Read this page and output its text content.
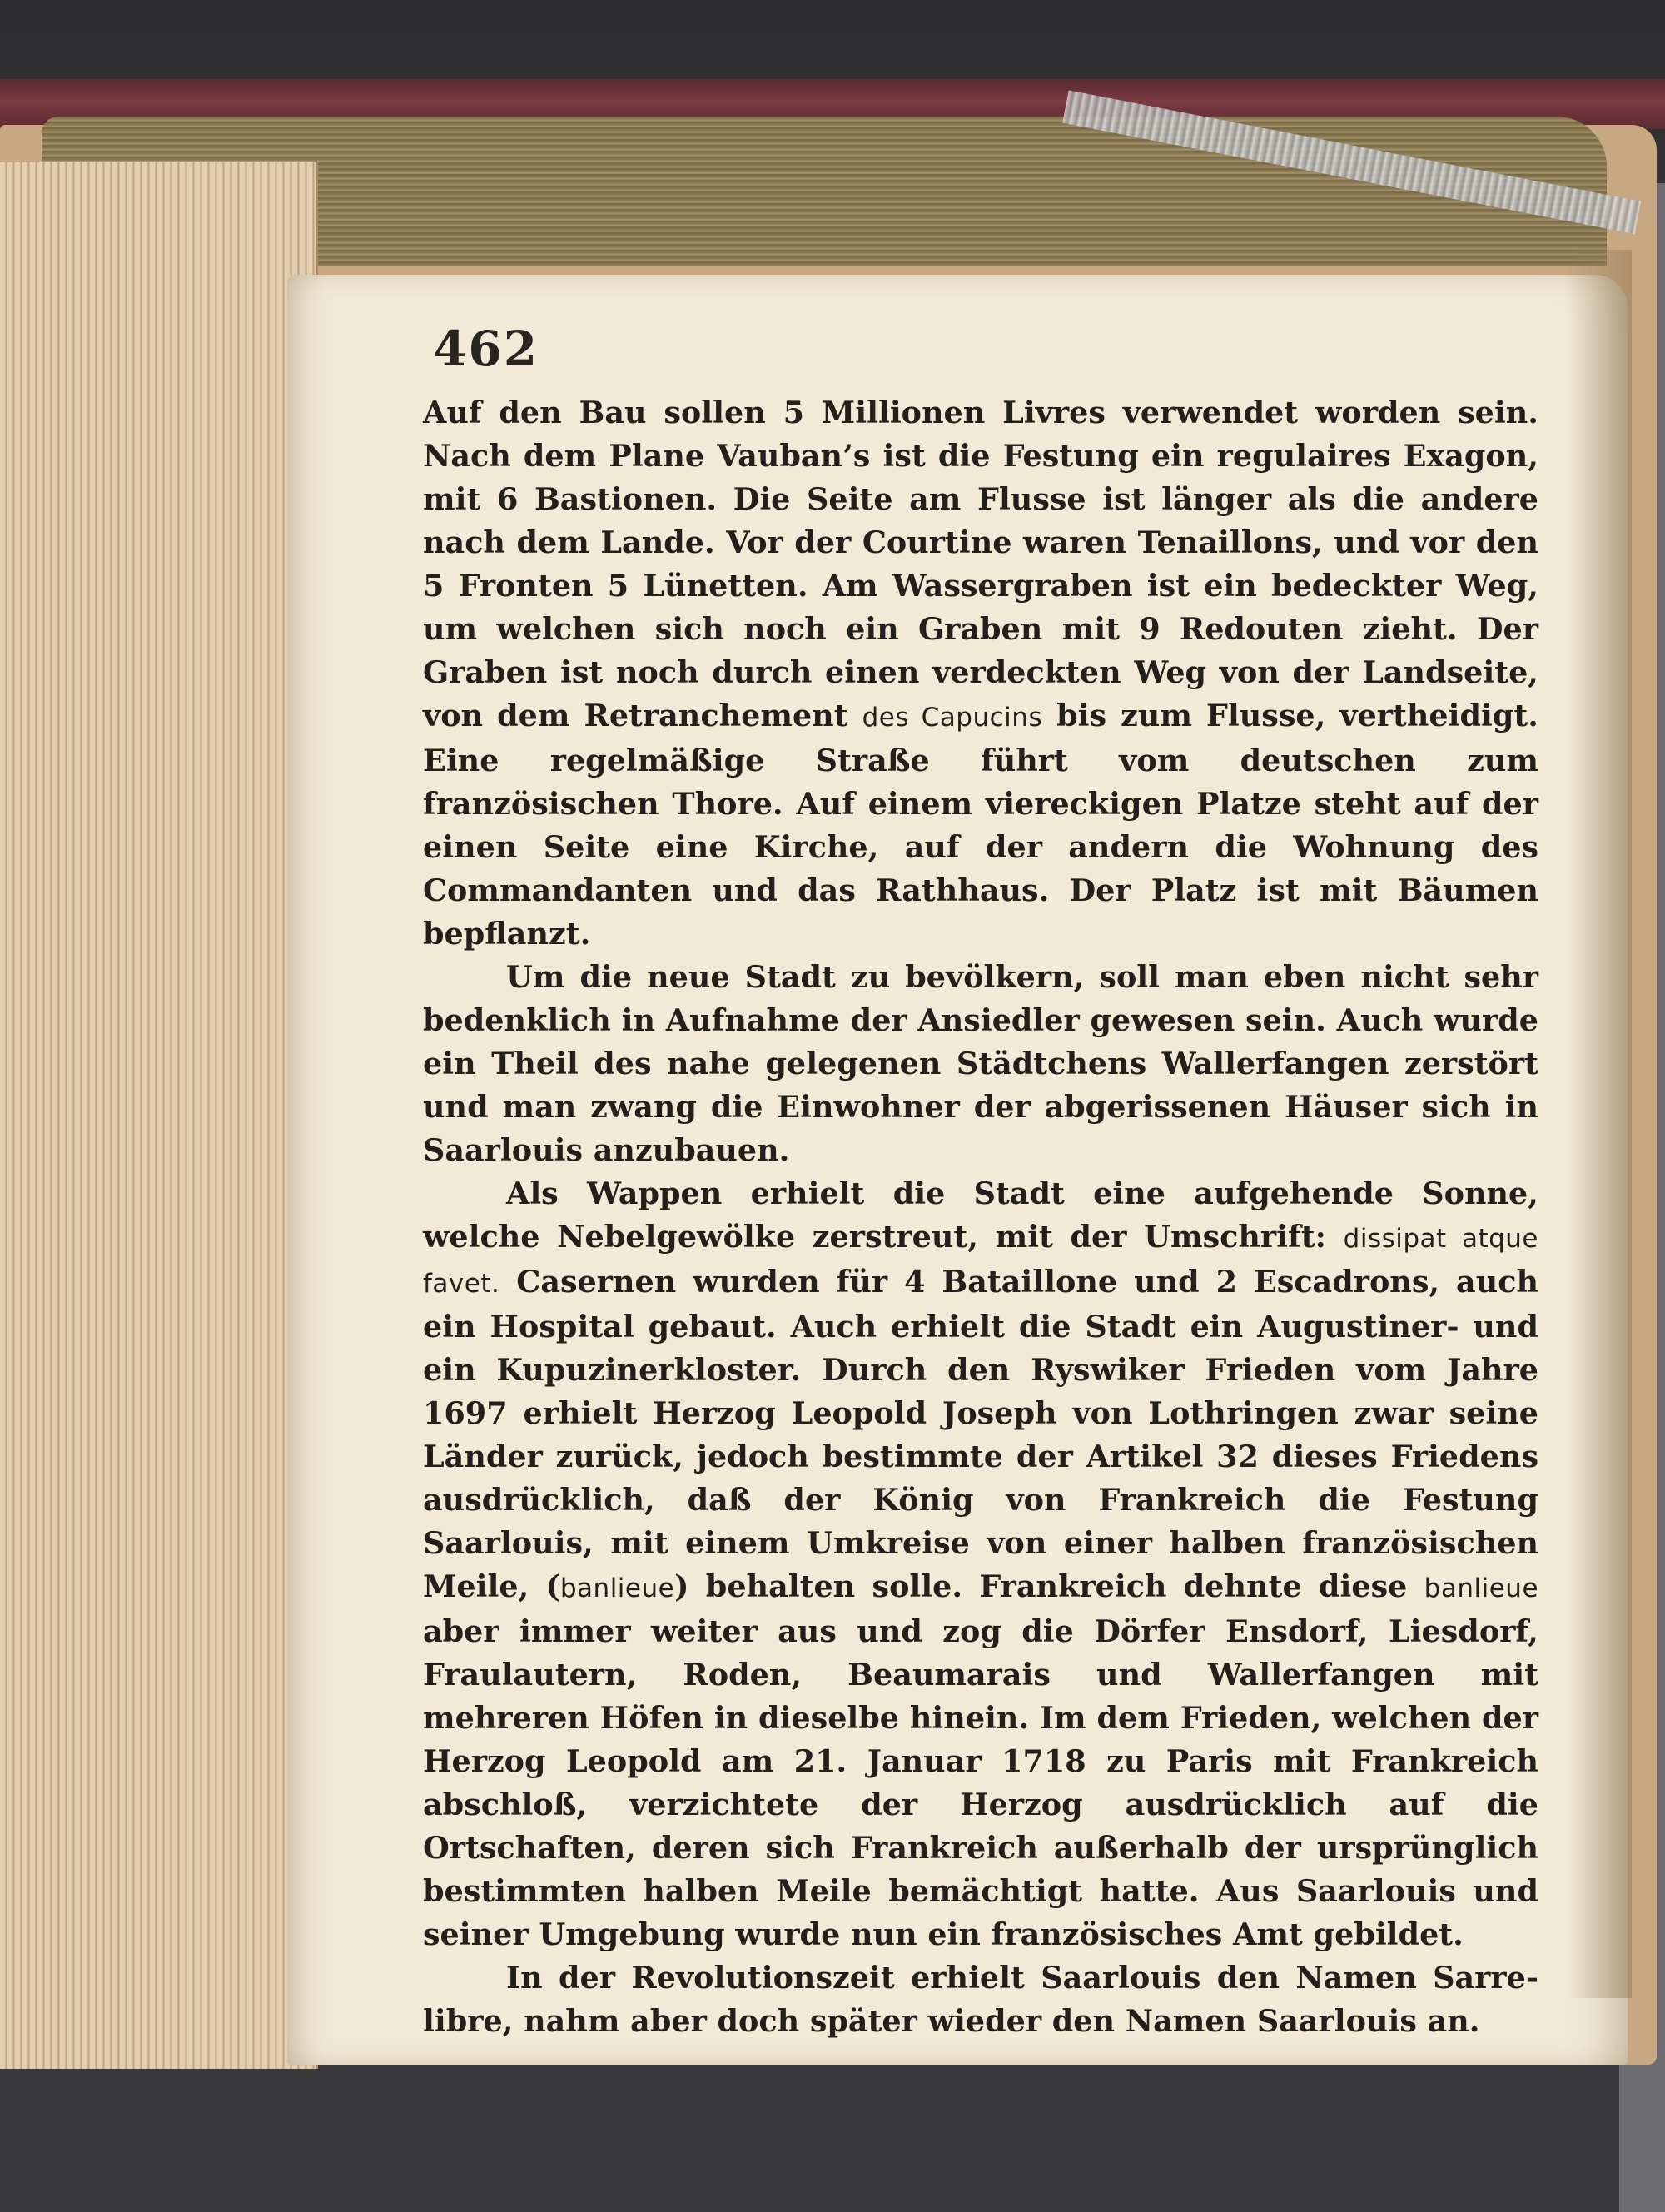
462

Auf den Bau sollen 5 Millionen Livres verwendet worden sein. Nach dem Plane Vauban’s ist die Festung ein regulaires Exagon, mit 6 Bastionen. Die Seite am Flusse ist länger als die andere nach dem Lande. Vor der Courtine waren Tenaillons, und vor den 5 Fronten 5 Lünetten. Am Wassergraben ist ein bedeckter Weg, um welchen sich noch ein Graben mit 9 Redouten zieht. Der Graben ist noch durch einen verdeckten Weg von der Landseite, von dem Retranchement des Capucins bis zum Flusse, vertheidigt. Eine regelmäßige Straße führt vom deutschen zum französischen Thore. Auf einem viereckigen Platze steht auf der einen Seite eine Kirche, auf der andern die Wohnung des Commandanten und das Rathhaus. Der Platz ist mit Bäumen bepflanzt.

Um die neue Stadt zu bevölkern, soll man eben nicht sehr bedenklich in Aufnahme der Ansiedler gewesen sein. Auch wurde ein Theil des nahe gelegenen Städtchens Wallerfangen zerstört und man zwang die Einwohner der abgerissenen Häuser sich in Saarlouis anzubauen.

Als Wappen erhielt die Stadt eine aufgehende Sonne, welche Nebelgewölke zerstreut, mit der Umschrift: dissipat atque favet. Casernen wurden für 4 Bataillone und 2 Escadrons, auch ein Hospital gebaut. Auch erhielt die Stadt ein Augustiner- und ein Kupuzinerkloster. Durch den Ryswiker Frieden vom Jahre 1697 erhielt Herzog Leopold Joseph von Lothringen zwar seine Länder zurück, jedoch bestimmte der Artikel 32 dieses Friedens ausdrücklich, daß der König von Frankreich die Festung Saarlouis, mit einem Umkreise von einer halben französischen Meile, (banlieue) behalten solle. Frankreich dehnte diese banlieue aber immer weiter aus und zog die Dörfer Ensdorf, Liesdorf, Fraulautern, Roden, Beaumarais und Wallerfangen mit mehreren Höfen in dieselbe hinein. Im dem Frieden, welchen der Herzog Leopold am 21. Januar 1718 zu Paris mit Frankreich abschloß, verzichtete der Herzog ausdrücklich auf die Ortschaften, deren sich Frankreich außerhalb der ursprünglich bestimmten halben Meile bemächtigt hatte. Aus Saarlouis und seiner Umgebung wurde nun ein französisches Amt gebildet.

In der Revolutionszeit erhielt Saarlouis den Namen Sarre-libre, nahm aber doch später wieder den Namen Saarlouis an.
